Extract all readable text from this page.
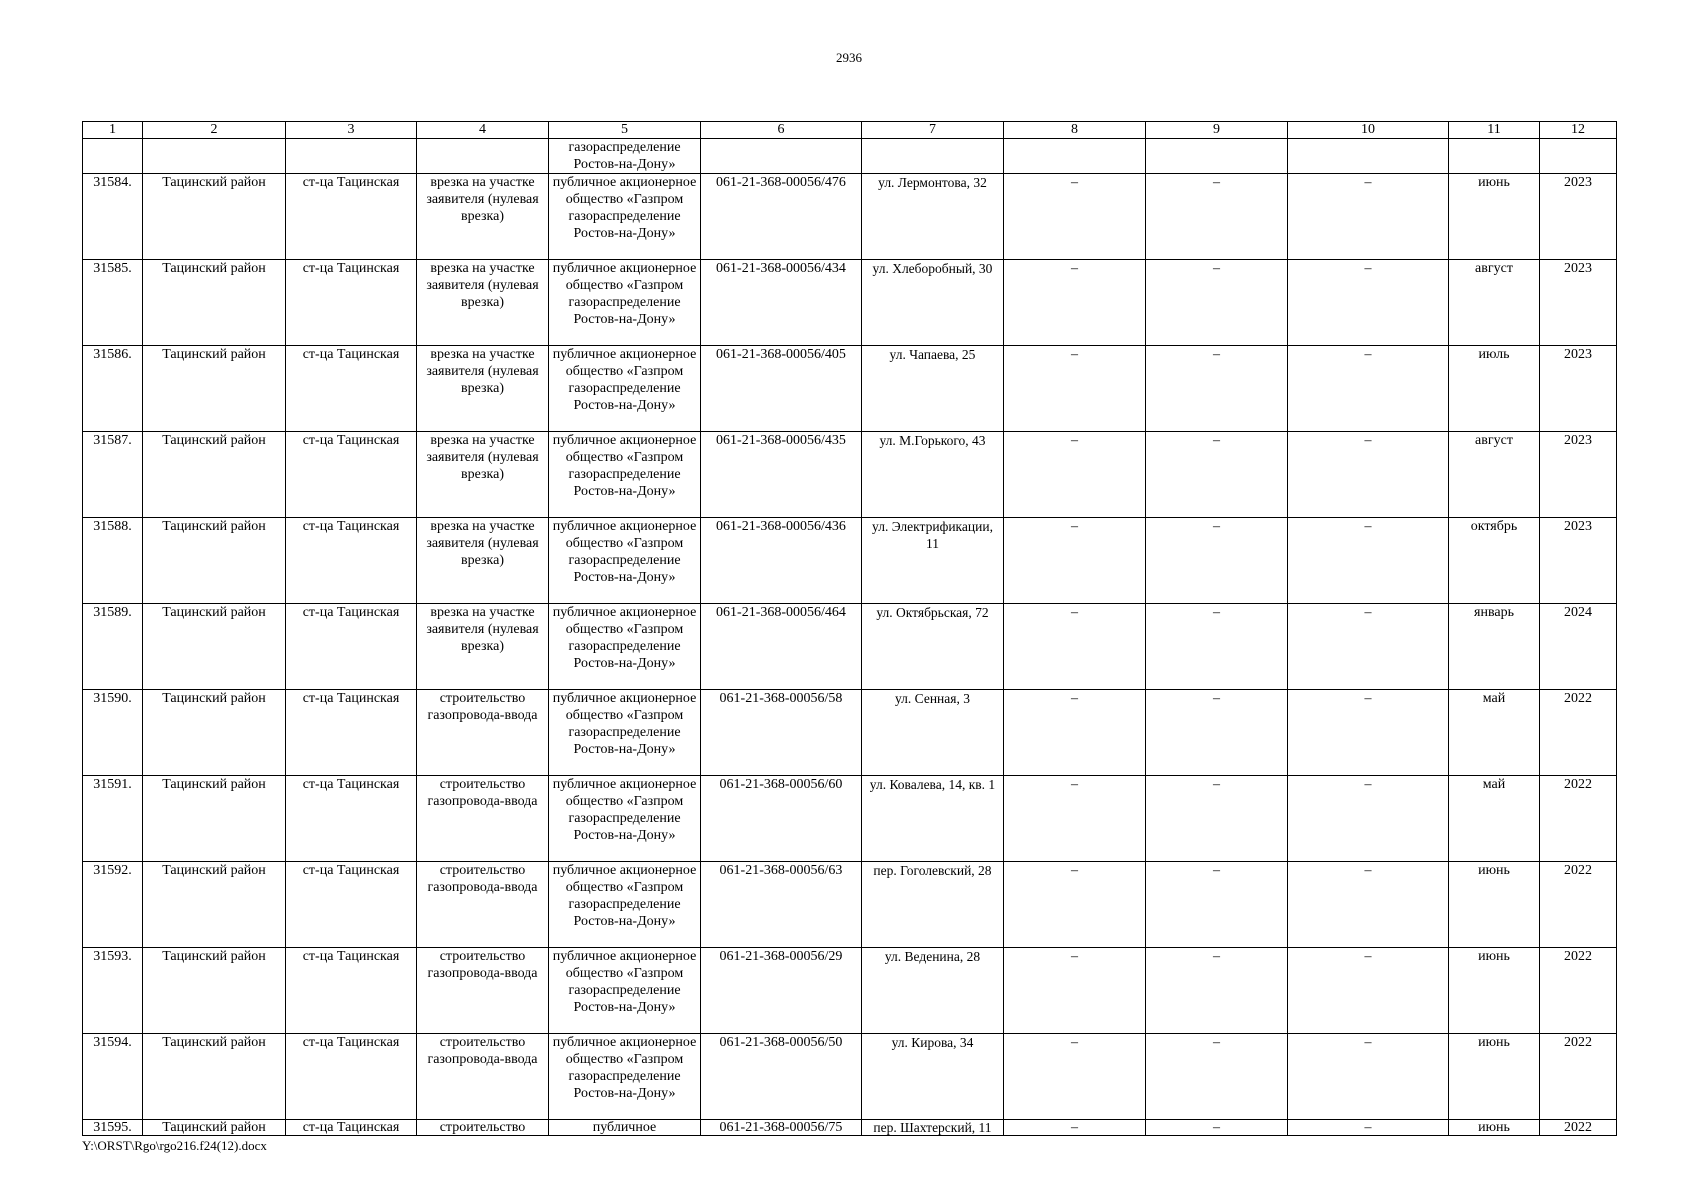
2936
1	2	3	4	5	6	7	8	9	10	11	12
				газораспределение Ростов-на-Дону»							
31584.	Тацинский район	ст-ца Тацинская	врезка на участке заявителя (нулевая врезка)	публичное акционерное общество «Газпром газораспределение Ростов-на-Дону»	061-21-368-00056/476	ул. Лермонтова, 32	–	–	–	июнь	2023
31585.	Тацинский район	ст-ца Тацинская	врезка на участке заявителя (нулевая врезка)	публичное акционерное общество «Газпром газораспределение Ростов-на-Дону»	061-21-368-00056/434	ул. Хлеборобный, 30	–	–	–	август	2023
31586.	Тацинский район	ст-ца Тацинская	врезка на участке заявителя (нулевая врезка)	публичное акционерное общество «Газпром газораспределение Ростов-на-Дону»	061-21-368-00056/405	ул. Чапаева, 25	–	–	–	июль	2023
31587.	Тацинский район	ст-ца Тацинская	врезка на участке заявителя (нулевая врезка)	публичное акционерное общество «Газпром газораспределение Ростов-на-Дону»	061-21-368-00056/435	ул. М.Горького, 43	–	–	–	август	2023
31588.	Тацинский район	ст-ца Тацинская	врезка на участке заявителя (нулевая врезка)	публичное акционерное общество «Газпром газораспределение Ростов-на-Дону»	061-21-368-00056/436	ул. Электрификации, 11	–	–	–	октябрь	2023
31589.	Тацинский район	ст-ца Тацинская	врезка на участке заявителя (нулевая врезка)	публичное акционерное общество «Газпром газораспределение Ростов-на-Дону»	061-21-368-00056/464	ул. Октябрьская, 72	–	–	–	январь	2024
31590.	Тацинский район	ст-ца Тацинская	строительство газопровода-ввода	публичное акционерное общество «Газпром газораспределение Ростов-на-Дону»	061-21-368-00056/58	ул. Сенная, 3	–	–	–	май	2022
31591.	Тацинский район	ст-ца Тацинская	строительство газопровода-ввода	публичное акционерное общество «Газпром газораспределение Ростов-на-Дону»	061-21-368-00056/60	ул. Ковалева, 14, кв. 1	–	–	–	май	2022
31592.	Тацинский район	ст-ца Тацинская	строительство газопровода-ввода	публичное акционерное общество «Газпром газораспределение Ростов-на-Дону»	061-21-368-00056/63	пер. Гоголевский, 28	–	–	–	июнь	2022
31593.	Тацинский район	ст-ца Тацинская	строительство газопровода-ввода	публичное акционерное общество «Газпром газораспределение Ростов-на-Дону»	061-21-368-00056/29	ул. Веденина, 28	–	–	–	июнь	2022
31594.	Тацинский район	ст-ца Тацинская	строительство газопровода-ввода	публичное акционерное общество «Газпром газораспределение Ростов-на-Дону»	061-21-368-00056/50	ул. Кирова, 34	–	–	–	июнь	2022
31595.	Тацинский район	ст-ца Тацинская	строительство	публичное	061-21-368-00056/75	пер. Шахтерский, 11	–	–	–	июнь	2022
Y:\ORST\Rgo\rgo216.f24(12).docx
